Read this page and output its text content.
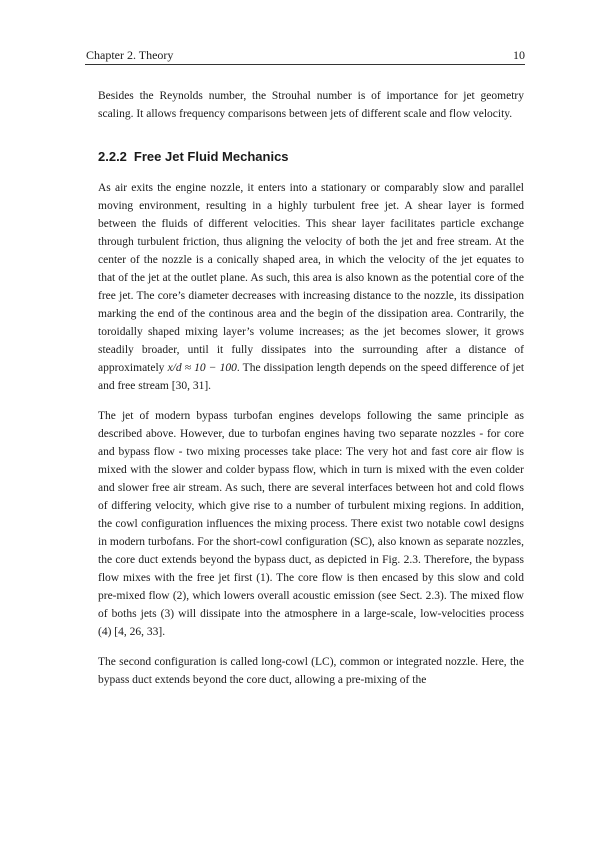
Chapter 2. Theory	10

Besides the Reynolds number, the Strouhal number is of importance for jet geometry scaling. It allows frequency comparisons between jets of different scale and flow velocity.

2.2.2 Free Jet Fluid Mechanics

As air exits the engine nozzle, it enters into a stationary or comparably slow and parallel moving environment, resulting in a highly turbulent free jet. A shear layer is formed between the fluids of different velocities. This shear layer facilitates particle exchange through turbulent friction, thus aligning the velocity of both the jet and free stream. At the center of the nozzle is a conically shaped area, in which the velocity of the jet equates to that of the jet at the outlet plane. As such, this area is also known as the potential core of the free jet. The core’s diameter decreases with increasing distance to the nozzle, its dissipation marking the end of the continous area and the begin of the dissipation area. Contrarily, the toroidally shaped mixing layer’s volume increases; as the jet becomes slower, it grows steadily broader, until it fully dissipates into the surrounding after a distance of approximately x/d ≈ 10 − 100. The dissipation length depends on the speed difference of jet and free stream [30, 31].

The jet of modern bypass turbofan engines develops following the same principle as described above. However, due to turbofan engines having two separate nozzles - for core and bypass flow - two mixing processes take place: The very hot and fast core air flow is mixed with the slower and colder bypass flow, which in turn is mixed with the even colder and slower free air stream. As such, there are several interfaces between hot and cold flows of differing velocity, which give rise to a number of turbulent mixing regions. In addition, the cowl configuration influences the mixing process. There exist two notable cowl designs in modern turbofans. For the short-cowl configuration (SC), also known as separate nozzles, the core duct extends beyond the bypass duct, as depicted in Fig. 2.3. Therefore, the bypass flow mixes with the free jet first (1). The core flow is then encased by this slow and cold pre-mixed flow (2), which lowers overall acoustic emission (see Sect. 2.3). The mixed flow of boths jets (3) will dissipate into the atmosphere in a large-scale, low-velocities process (4) [4, 26, 33].

The second configuration is called long-cowl (LC), common or integrated nozzle. Here, the bypass duct extends beyond the core duct, allowing a pre-mixing of the
